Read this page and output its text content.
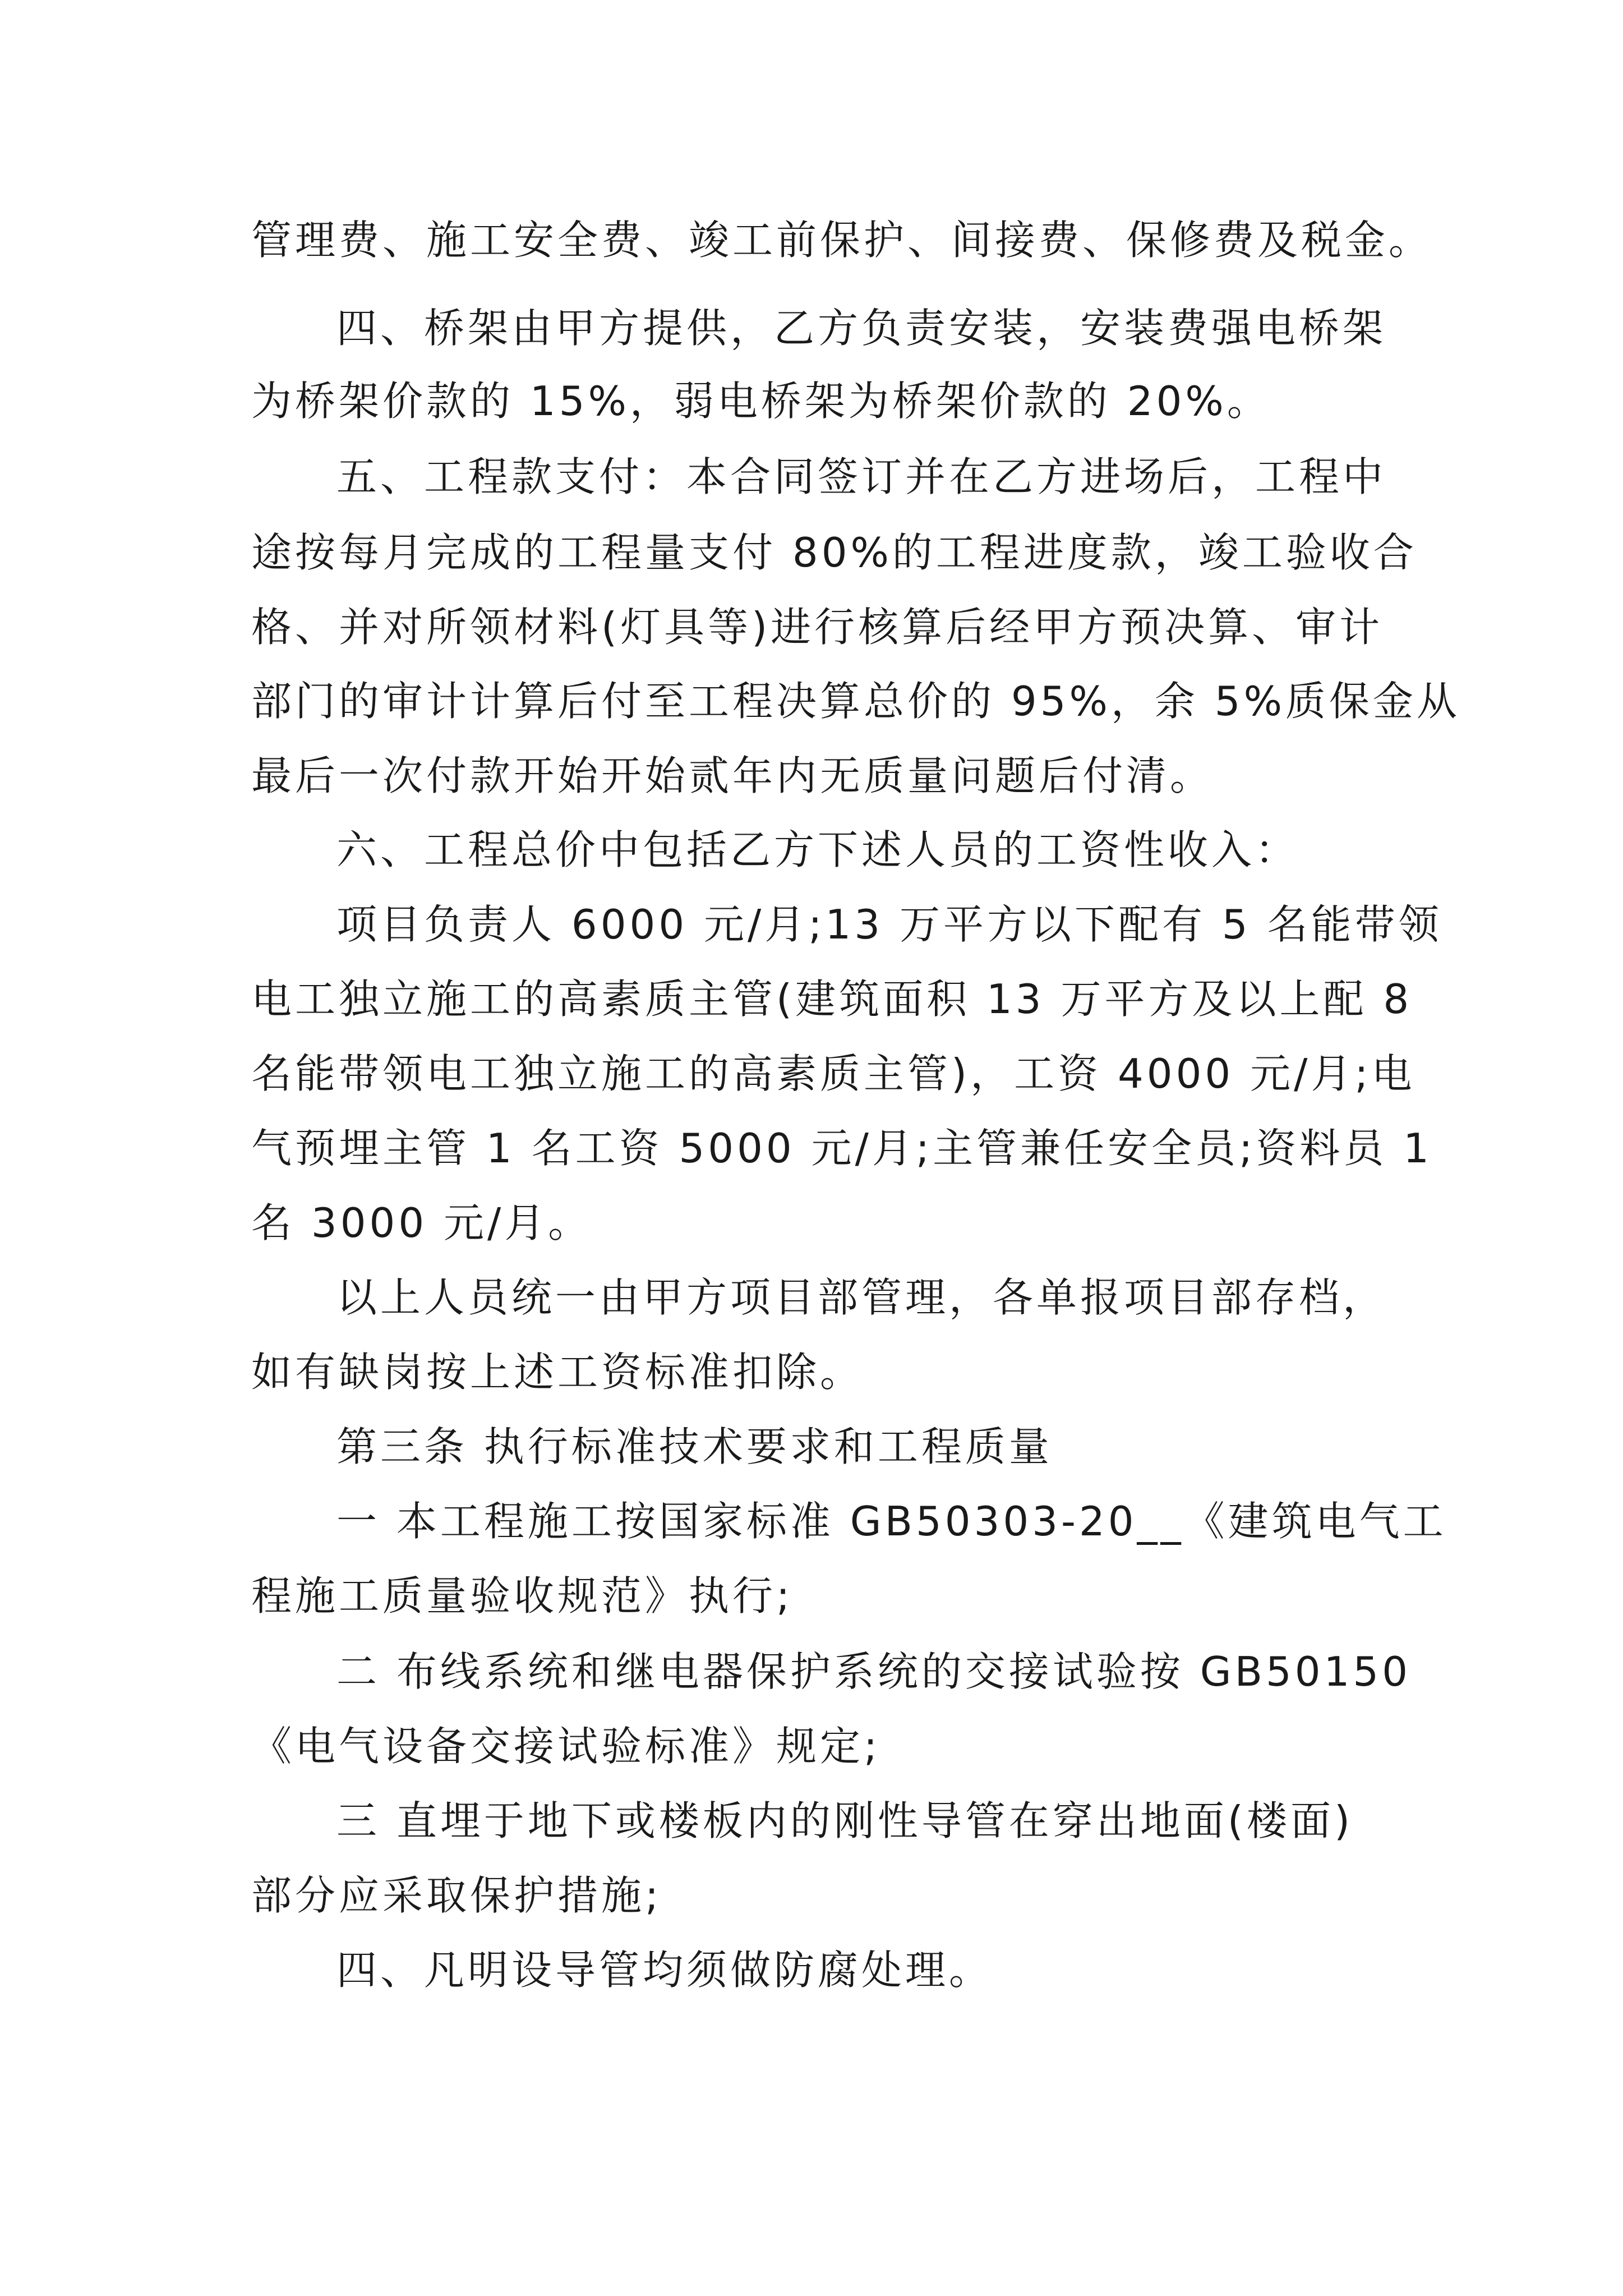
管理费、施工安全费、竣工前保护、间接费、保修费及税金。

四、桥架由甲方提供，乙方负责安装，安装费强电桥架

为桥架价款的 15%，弱电桥架为桥架价款的 20%。

五、工程款支付：本合同签订并在乙方进场后，工程中

途按每月完成的工程量支付 80%的工程进度款，竣工验收合

格、并对所领材料(灯具等)进行核算后经甲方预决算、审计

部门的审计计算后付至工程决算总价的 95%，余 5%质保金从

最后一次付款开始开始贰年内无质量问题后付清。

六、工程总价中包括乙方下述人员的工资性收入：

项目负责人 6000 元/月;13 万平方以下配有 5 名能带领

电工独立施工的高素质主管(建筑面积 13 万平方及以上配 8

名能带领电工独立施工的高素质主管)，工资 4000 元/月;电

气预埋主管 1 名工资 5000 元/月;主管兼任安全员;资料员 1

名 3000 元/月。

以上人员统一由甲方项目部管理，各单报项目部存档，

如有缺岗按上述工资标准扣除。

第三条 执行标准技术要求和工程质量

一 本工程施工按国家标准 GB50303-20__《建筑电气工

程施工质量验收规范》执行;

二 布线系统和继电器保护系统的交接试验按 GB50150

《电气设备交接试验标准》规定;

三 直埋于地下或楼板内的刚性导管在穿出地面(楼面)

部分应采取保护措施;

四、凡明设导管均须做防腐处理。
